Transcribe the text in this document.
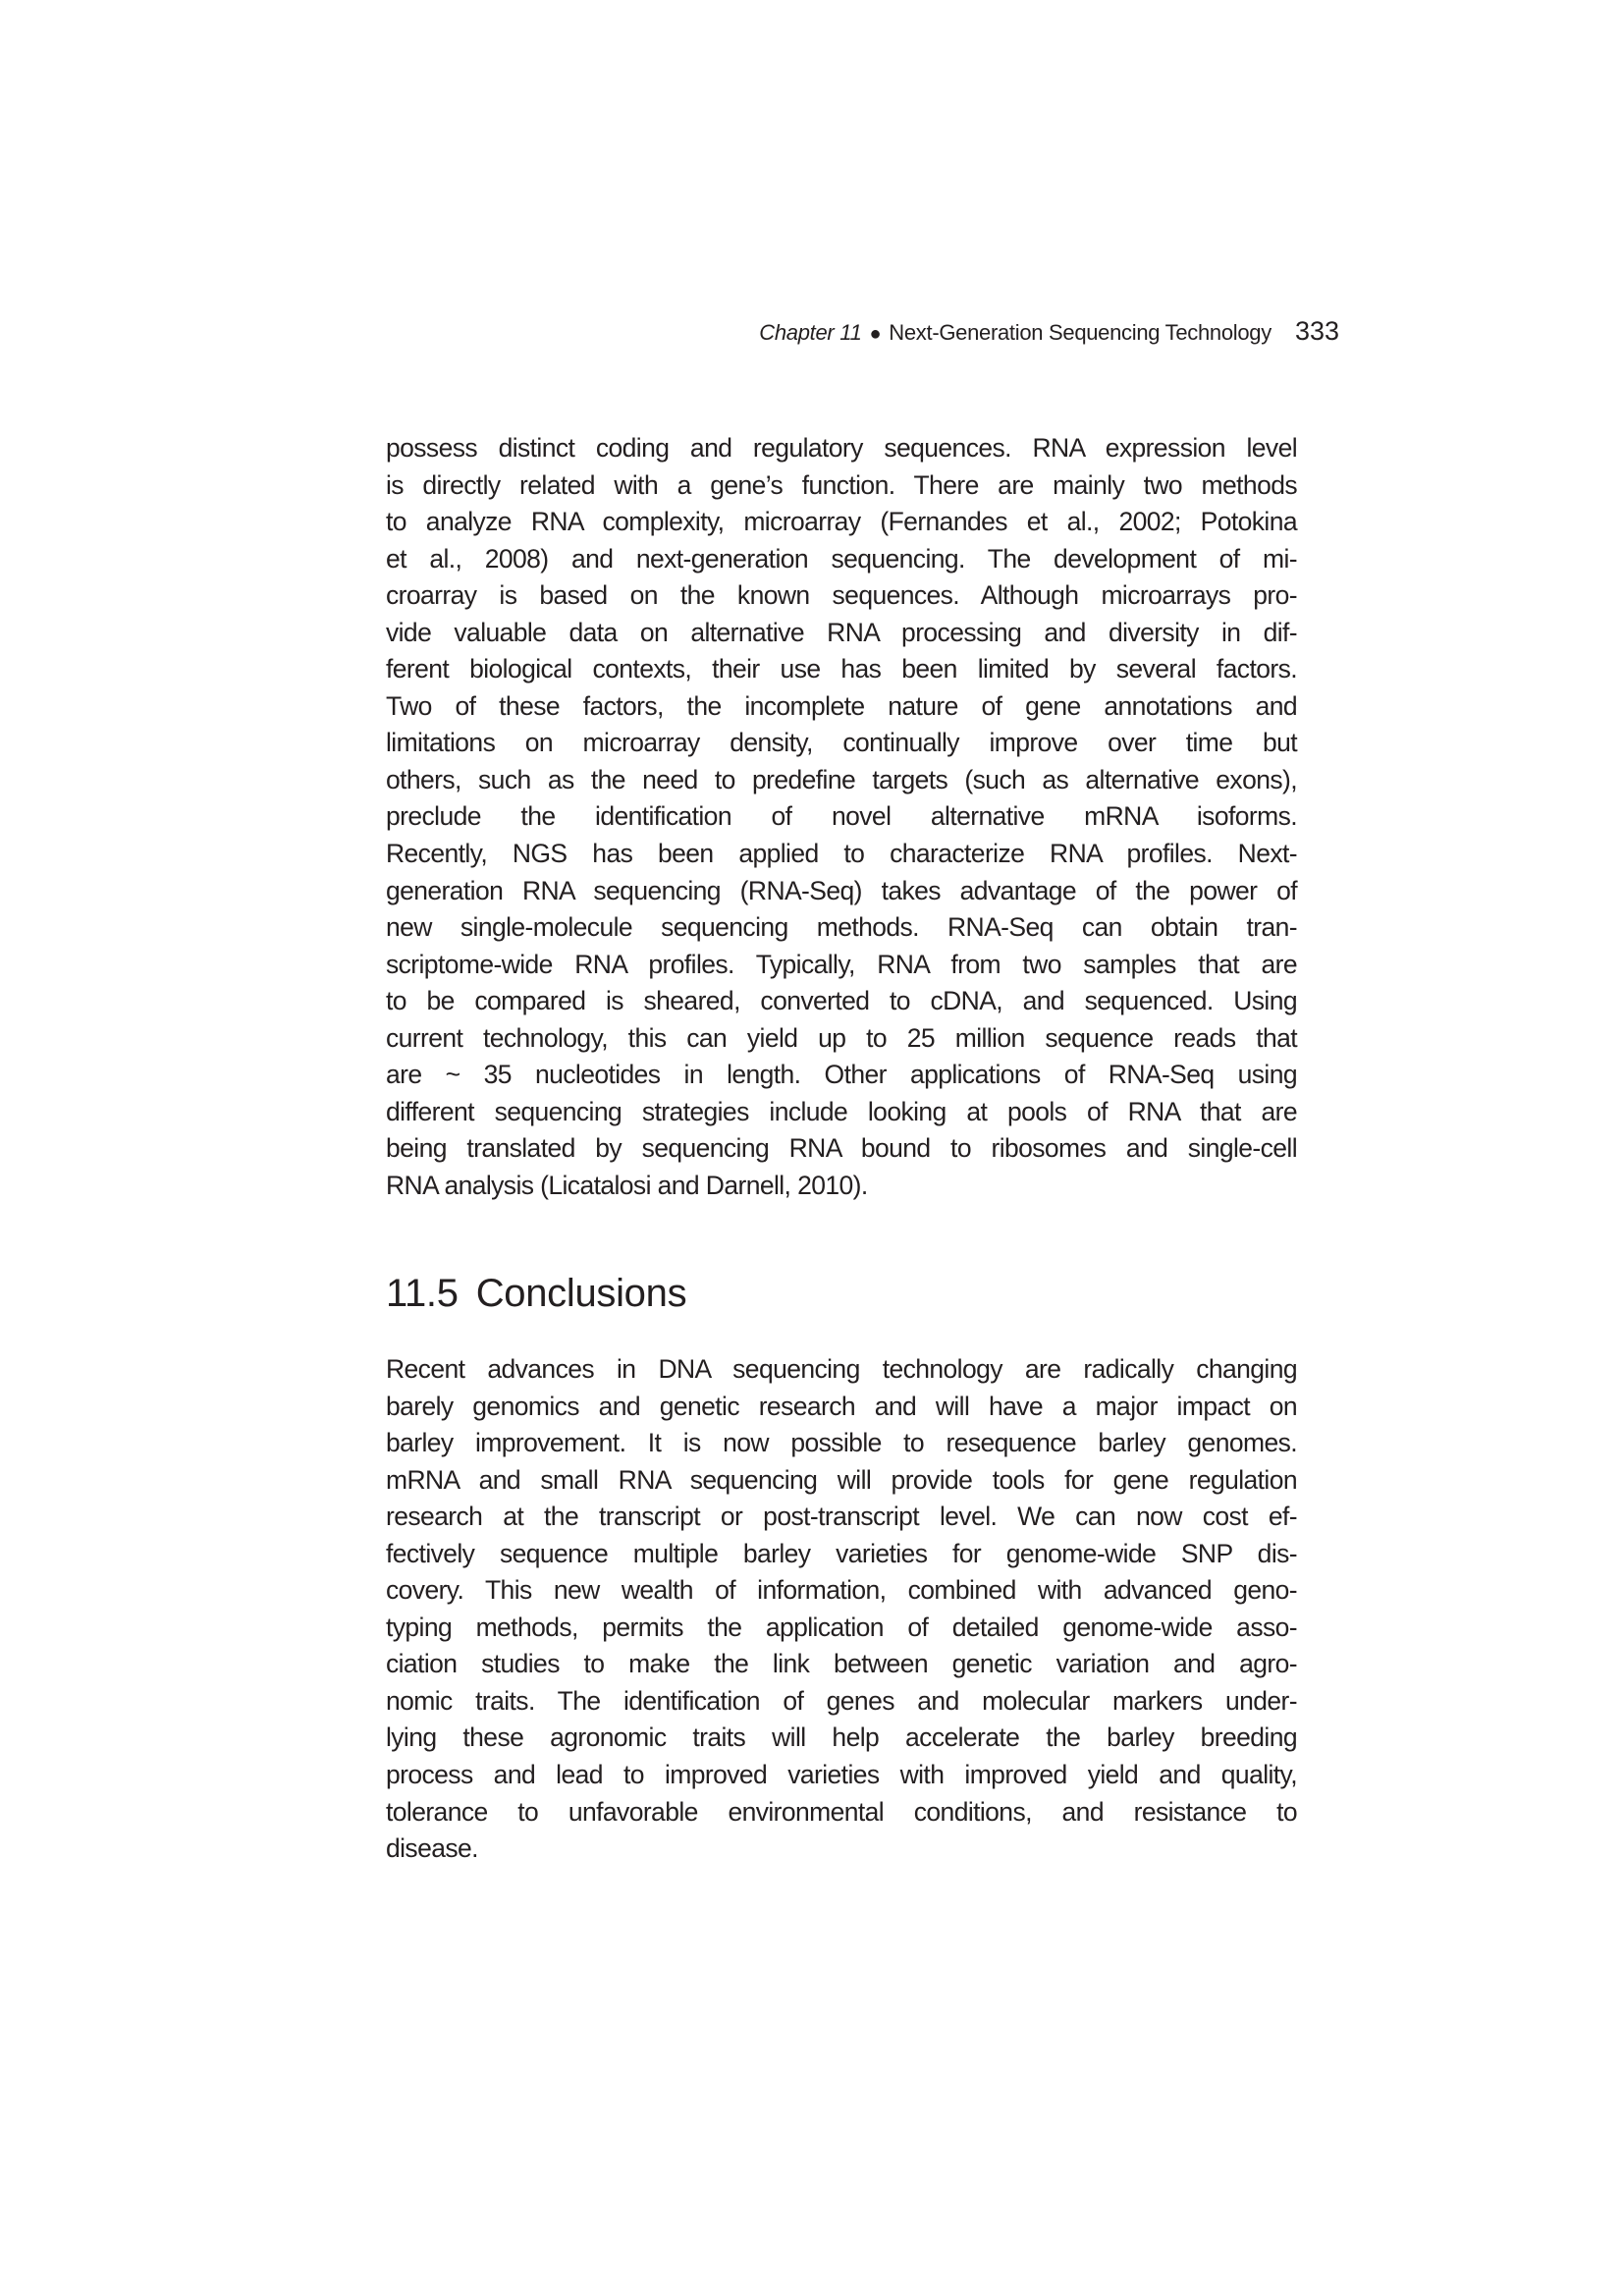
Chapter 11 ● Next-Generation Sequencing Technology 333
possess distinct coding and regulatory sequences. RNA expression level
is directly related with a gene’s function. There are mainly two methods
to analyze RNA complexity, microarray (Fernandes et al., 2002; Potokina
et al., 2008) and next-generation sequencing. The development of mi-
croarray is based on the known sequences. Although microarrays pro-
vide valuable data on alternative RNA processing and diversity in dif-
ferent biological contexts, their use has been limited by several factors.
Two of these factors, the incomplete nature of gene annotations and
limitations on microarray density, continually improve over time but
others, such as the need to predefine targets (such as alternative exons),
preclude the identification of novel alternative mRNA isoforms.
Recently, NGS has been applied to characterize RNA profiles. Next-
generation RNA sequencing (RNA-Seq) takes advantage of the power of
new single-molecule sequencing methods. RNA-Seq can obtain tran-
scriptome-wide RNA profiles. Typically, RNA from two samples that are
to be compared is sheared, converted to cDNA, and sequenced. Using
current technology, this can yield up to 25 million sequence reads that
are ~ 35 nucleotides in length. Other applications of RNA-Seq using
different sequencing strategies include looking at pools of RNA that are
being translated by sequencing RNA bound to ribosomes and single-cell
RNA analysis (Licatalosi and Darnell, 2010).
11.5 Conclusions
Recent advances in DNA sequencing technology are radically changing
barely genomics and genetic research and will have a major impact on
barley improvement. It is now possible to resequence barley genomes.
mRNA and small RNA sequencing will provide tools for gene regulation
research at the transcript or post-transcript level. We can now cost ef-
fectively sequence multiple barley varieties for genome-wide SNP dis-
covery. This new wealth of information, combined with advanced geno-
typing methods, permits the application of detailed genome-wide asso-
ciation studies to make the link between genetic variation and agro-
nomic traits. The identification of genes and molecular markers under-
lying these agronomic traits will help accelerate the barley breeding
process and lead to improved varieties with improved yield and quality,
tolerance to unfavorable environmental conditions, and resistance to
disease.
